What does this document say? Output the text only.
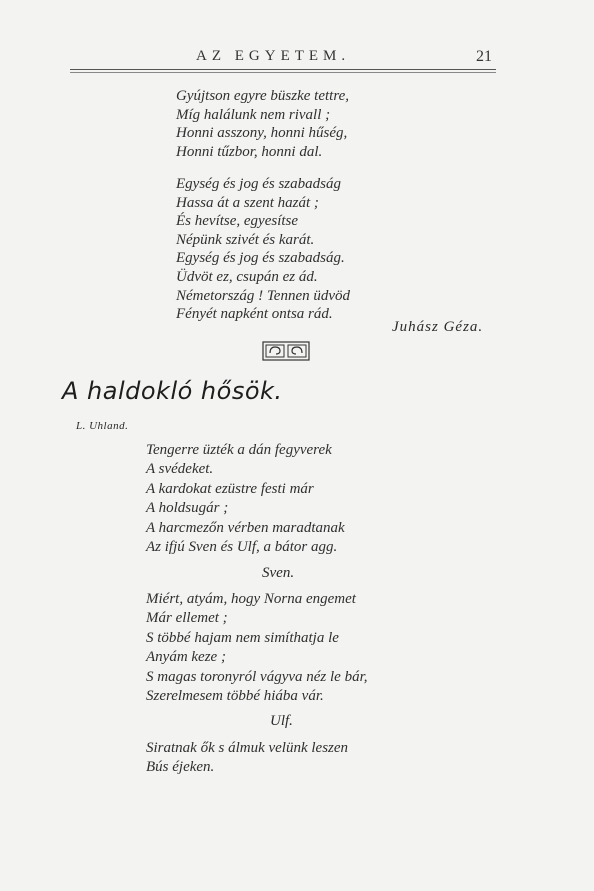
AZ EGYETEM.	21
Gyújtson egyre büszke tettre,
Míg halálunk nem rivall ;
Honni asszony, honni hűség,
Honni tűzbor, honni dal.
Egység és jog és szabadság
Hassa át a szent hazát ;
És hevítse, egyesítse
Népünk szivét és karát.
Egység és jog és szabadság.
Üdvöt ez, csupán ez ád.
Németország ! Tennen üdvöd
Fényét napként ontsa rád.
Juhász Géza.
A haldokló hősök.
L. Uhland.
Tengerre üzték a dán fegyverek
A svédeket.
A kardokat ezüstre festi már
A holdsugár ;
A harcmezőn vérben maradtanak
Az ifjú Sven és Ulf, a bátor agg.
Sven.
Miért, atyám, hogy Norna engemet
Már ellemet ;
S többé hajam nem simíthatja le
Anyám keze ;
S magas toronyról vágyva néz le bár,
Szerelmesem többé hiába vár.
Ulf.
Siratnak ők s álmuk velünk leszen
Bús éjeken.
